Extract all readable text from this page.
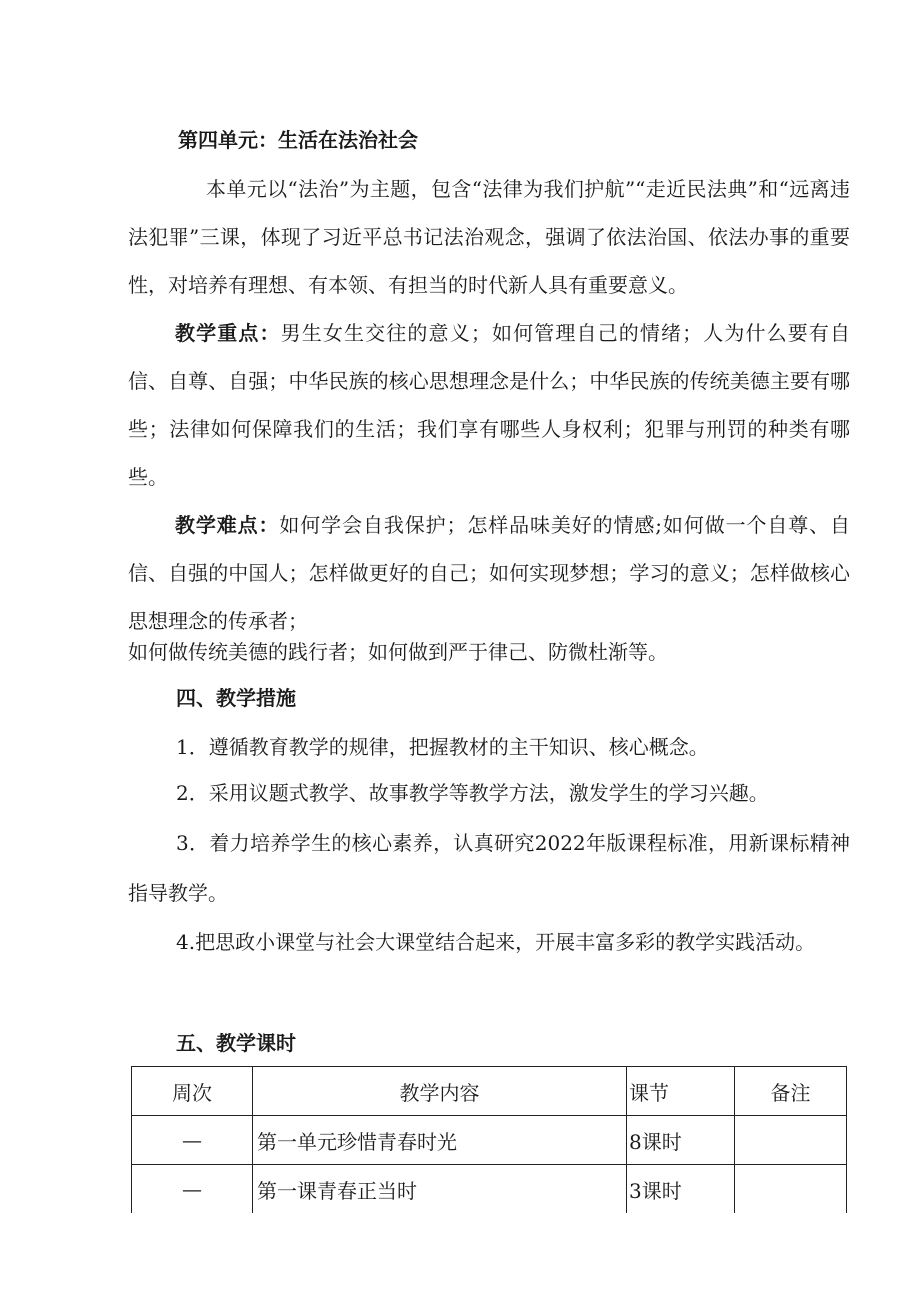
第四单元：生活在法治社会
本单元以“法治”为主题，包含“法律为我们护航”“走近民法典”和“远离违法犯罪”三课，体现了习近平总书记法治观念，强调了依法治国、依法办事的重要性，对培养有理想、有本领、有担当的时代新人具有重要意义。
教学重点：男生女生交往的意义；如何管理自己的情绪；人为什么要有自信、自尊、自强；中华民族的核心思想理念是什么；中华民族的传统美德主要有哪些；法律如何保障我们的生活；我们享有哪些人身权利；犯罪与刑罚的种类有哪些。
教学难点：如何学会自我保护；怎样品味美好的情感;如何做一个自尊、自信、自强的中国人；怎样做更好的自己；如何实现梦想；学习的意义；怎样做核心思想理念的传承者；
如何做传统美德的践行者；如何做到严于律己、防微杜渐等。
四、教学措施
1．遵循教育教学的规律，把握教材的主干知识、核心概念。
2．采用议题式教学、故事教学等教学方法，激发学生的学习兴趣。
3．着力培养学生的核心素养，认真研究2022年版课程标准，用新课标精神指导教学。
4.把思政小课堂与社会大课堂结合起来，开展丰富多彩的教学实践活动。
五、教学课时
周次	教学内容	课节	备注
—	第一单元珍惜青春时光	8课时	
—	第一课青春正当时	3课时	
